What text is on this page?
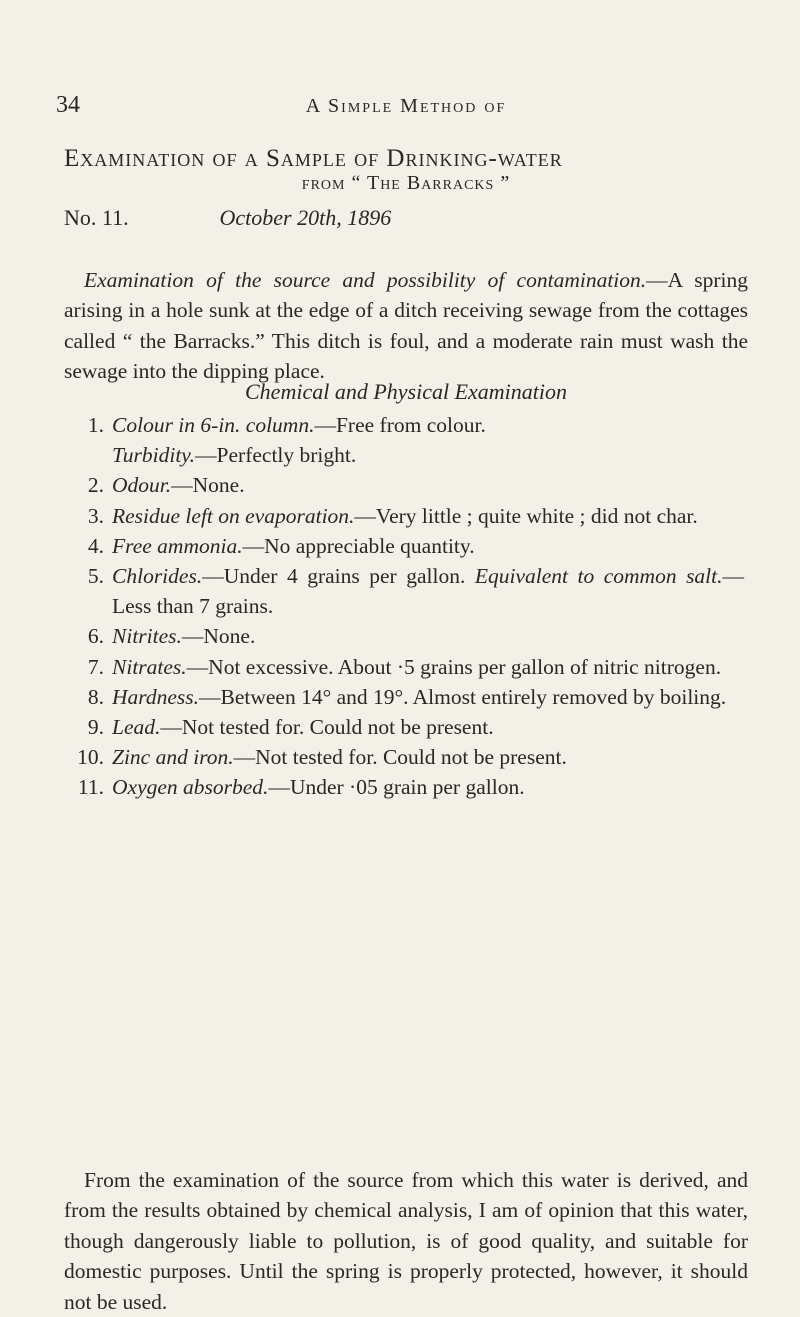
34	A Simple Method of
Examination of a Sample of Drinking-water
from “ The Barracks ”
No. 11.	October 20th, 1896

Examination of the source and possibility of contamination.—A spring arising in a hole sunk at the edge of a ditch receiving sewage from the cottages called “ the Barracks.” This ditch is foul, and a moderate rain must wash the sewage into the dipping place.

Chemical and Physical Examination
1. Colour in 6-in. column.—Free from colour.
Turbidity.—Perfectly bright.
2. Odour.—None.
3. Residue left on evaporation.—Very little ; quite white ; did not char.
4. Free ammonia.—No appreciable quantity.
5. Chlorides.—Under 4 grains per gallon. Equivalent to common salt.—Less than 7 grains.
6. Nitrites.—None.
7. Nitrates.—Not excessive. About ·5 grains per gallon of nitric nitrogen.
8. Hardness.—Between 14° and 19°. Almost entirely removed by boiling.
9. Lead.—Not tested for. Could not be present.
10. Zinc and iron.—Not tested for. Could not be present.
11. Oxygen absorbed.—Under ·05 grain per gallon.

From the examination of the source from which this water is derived, and from the results obtained by chemical analysis, I am of opinion that this water, though dangerously liable to pollution, is of good quality, and suitable for domestic purposes. Until the spring is properly protected, however, it should not be used.
